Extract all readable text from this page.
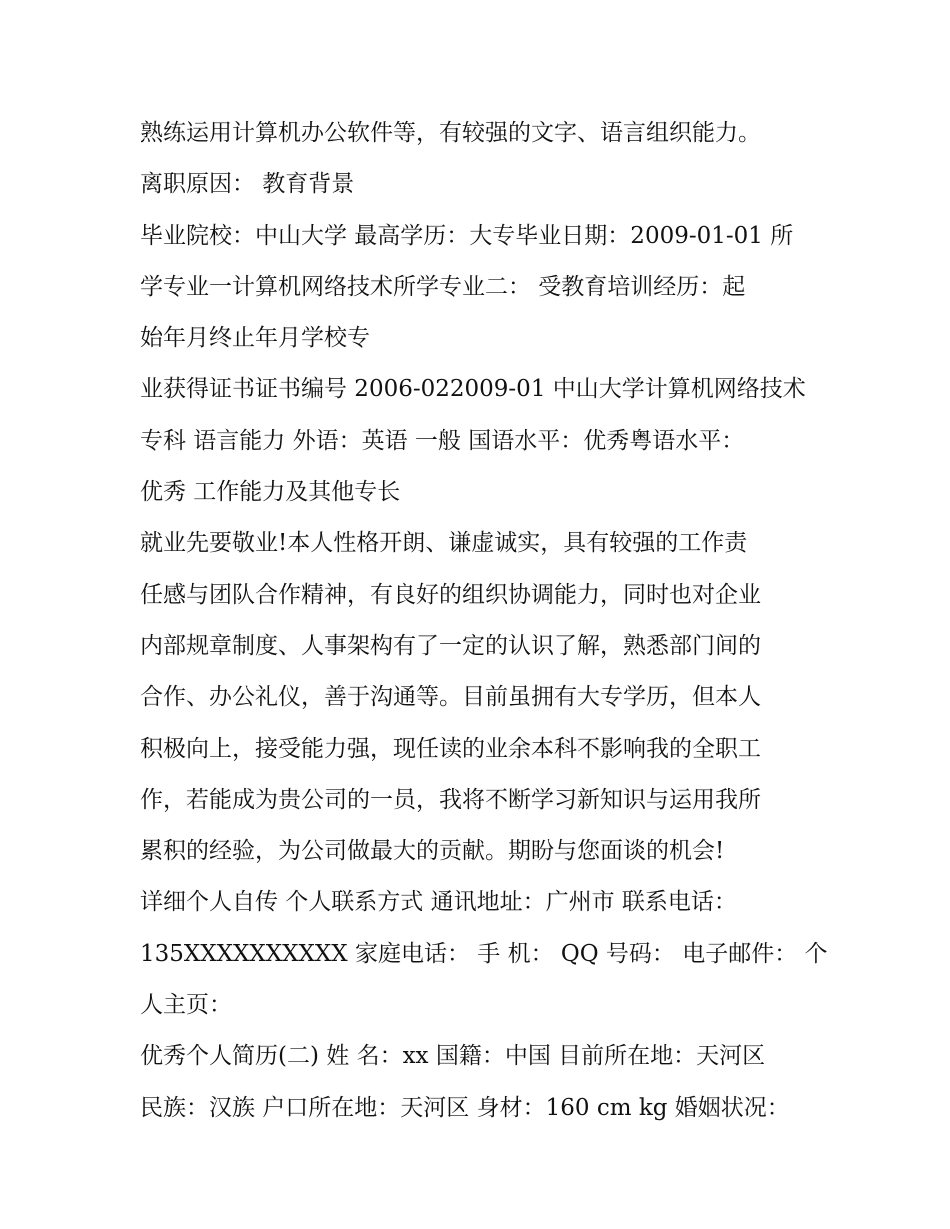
熟练运用计算机办公软件等，有较强的文字、语言组织能力。
离职原因： 教育背景
毕业院校：中山大学 最高学历：大专毕业日期：2009-01-01 所
学专业一计算机网络技术所学专业二： 受教育培训经历：起
始年月终止年月学校专
业获得证书证书编号 2006-022009-01 中山大学计算机网络技术
专科 语言能力 外语：英语 一般 国语水平：优秀粤语水平：
优秀 工作能力及其他专长
就业先要敬业!本人性格开朗、谦虚诚实，具有较强的工作责
任感与团队合作精神，有良好的组织协调能力，同时也对企业
内部规章制度、人事架构有了一定的认识了解，熟悉部门间的
合作、办公礼仪，善于沟通等。目前虽拥有大专学历，但本人
积极向上，接受能力强，现任读的业余本科不影响我的全职工
作，若能成为贵公司的一员，我将不断学习新知识与运用我所
累积的经验，为公司做最大的贡献。期盼与您面谈的机会!
详细个人自传 个人联系方式 通讯地址：广州市 联系电话：
135XXXXXXXXXX 家庭电话： 手 机： QQ 号码： 电子邮件： 个
人主页：
优秀个人简历(二) 姓 名：xx 国籍：中国 目前所在地：天河区
民族：汉族 户口所在地：天河区 身材：160 cm kg 婚姻状况：
